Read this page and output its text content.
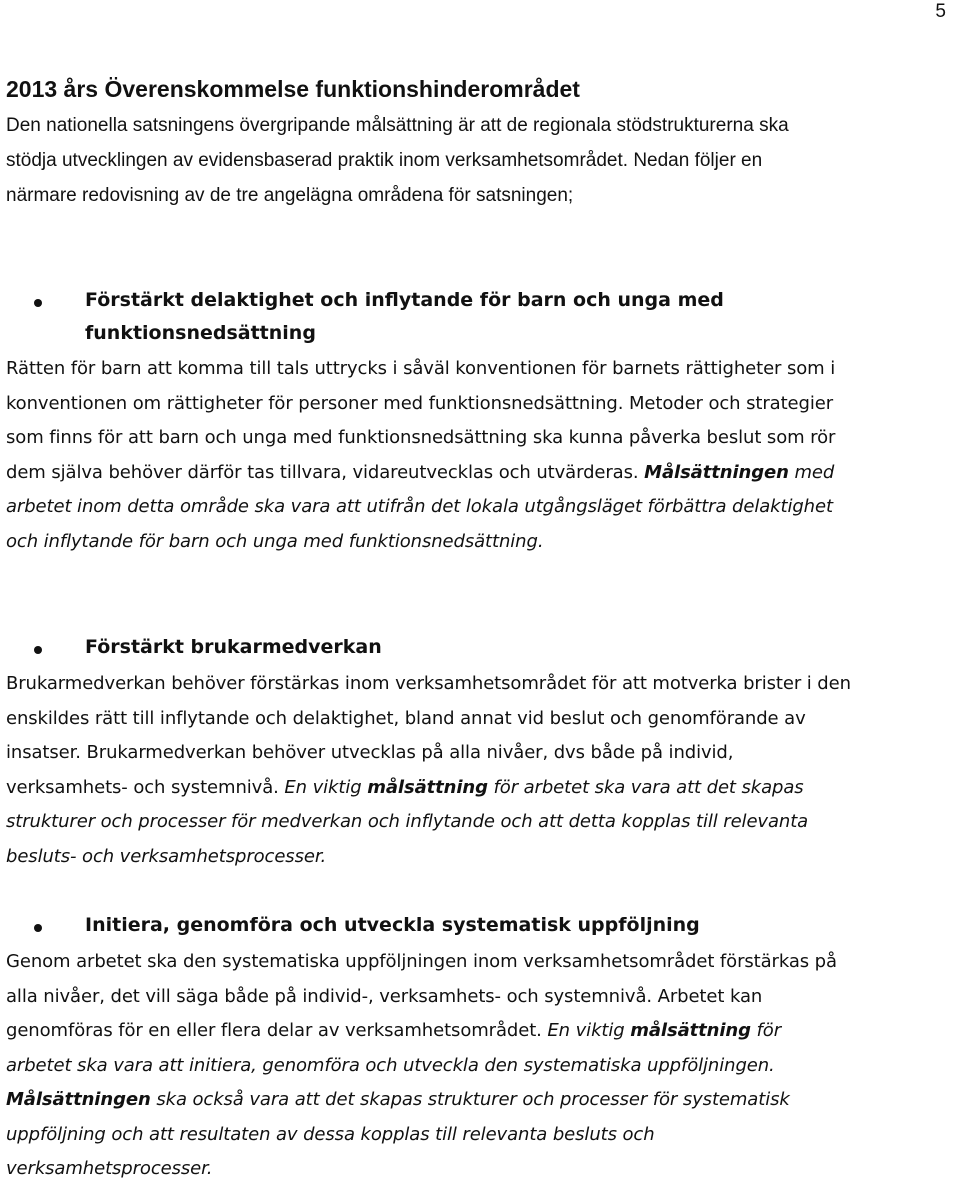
5
2013 års Överenskommelse funktionshinderområdet

Den nationella satsningens övergripande målsättning är att de regionala stödstrukturerna ska stödja utvecklingen av evidensbaserad praktik inom verksamhetsområdet. Nedan följer en närmare redovisning av de tre angelägna områdena för satsningen;

Förstärkt delaktighet och inflytande för barn och unga med funktionsnedsättning

Rätten för barn att komma till tals uttrycks i såväl konventionen för barnets rättigheter som i konventionen om rättigheter för personer med funktionsnedsättning. Metoder och strategier som finns för att barn och unga med funktionsnedsättning ska kunna påverka beslut som rör dem själva behöver därför tas tillvara, vidareutvecklas och utvärderas. Målsättningen med arbetet inom detta område ska vara att utifrån det lokala utgångsläget förbättra delaktighet och inflytande för barn och unga med funktionsnedsättning.

Förstärkt brukarmedverkan

Brukarmedverkan behöver förstärkas inom verksamhetsområdet för att motverka brister i den enskildes rätt till inflytande och delaktighet, bland annat vid beslut och genomförande av insatser. Brukarmedverkan behöver utvecklas på alla nivåer, dvs både på individ, verksamhets- och systemnivå. En viktig målsättning för arbetet ska vara att det skapas strukturer och processer för medverkan och inflytande och att detta kopplas till relevanta besluts- och verksamhetsprocesser.

Initiera, genomföra och utveckla systematisk uppföljning

Genom arbetet ska den systematiska uppföljningen inom verksamhetsområdet förstärkas på alla nivåer, det vill säga både på individ-, verksamhets- och systemnivå. Arbetet kan genomföras för en eller flera delar av verksamhetsområdet. En viktig målsättning för arbetet ska vara att initiera, genomföra och utveckla den systematiska uppföljningen. Målsättningen ska också vara att det skapas strukturer och processer för systematisk uppföljning och att resultaten av dessa kopplas till relevanta besluts och verksamhetsprocesser.
